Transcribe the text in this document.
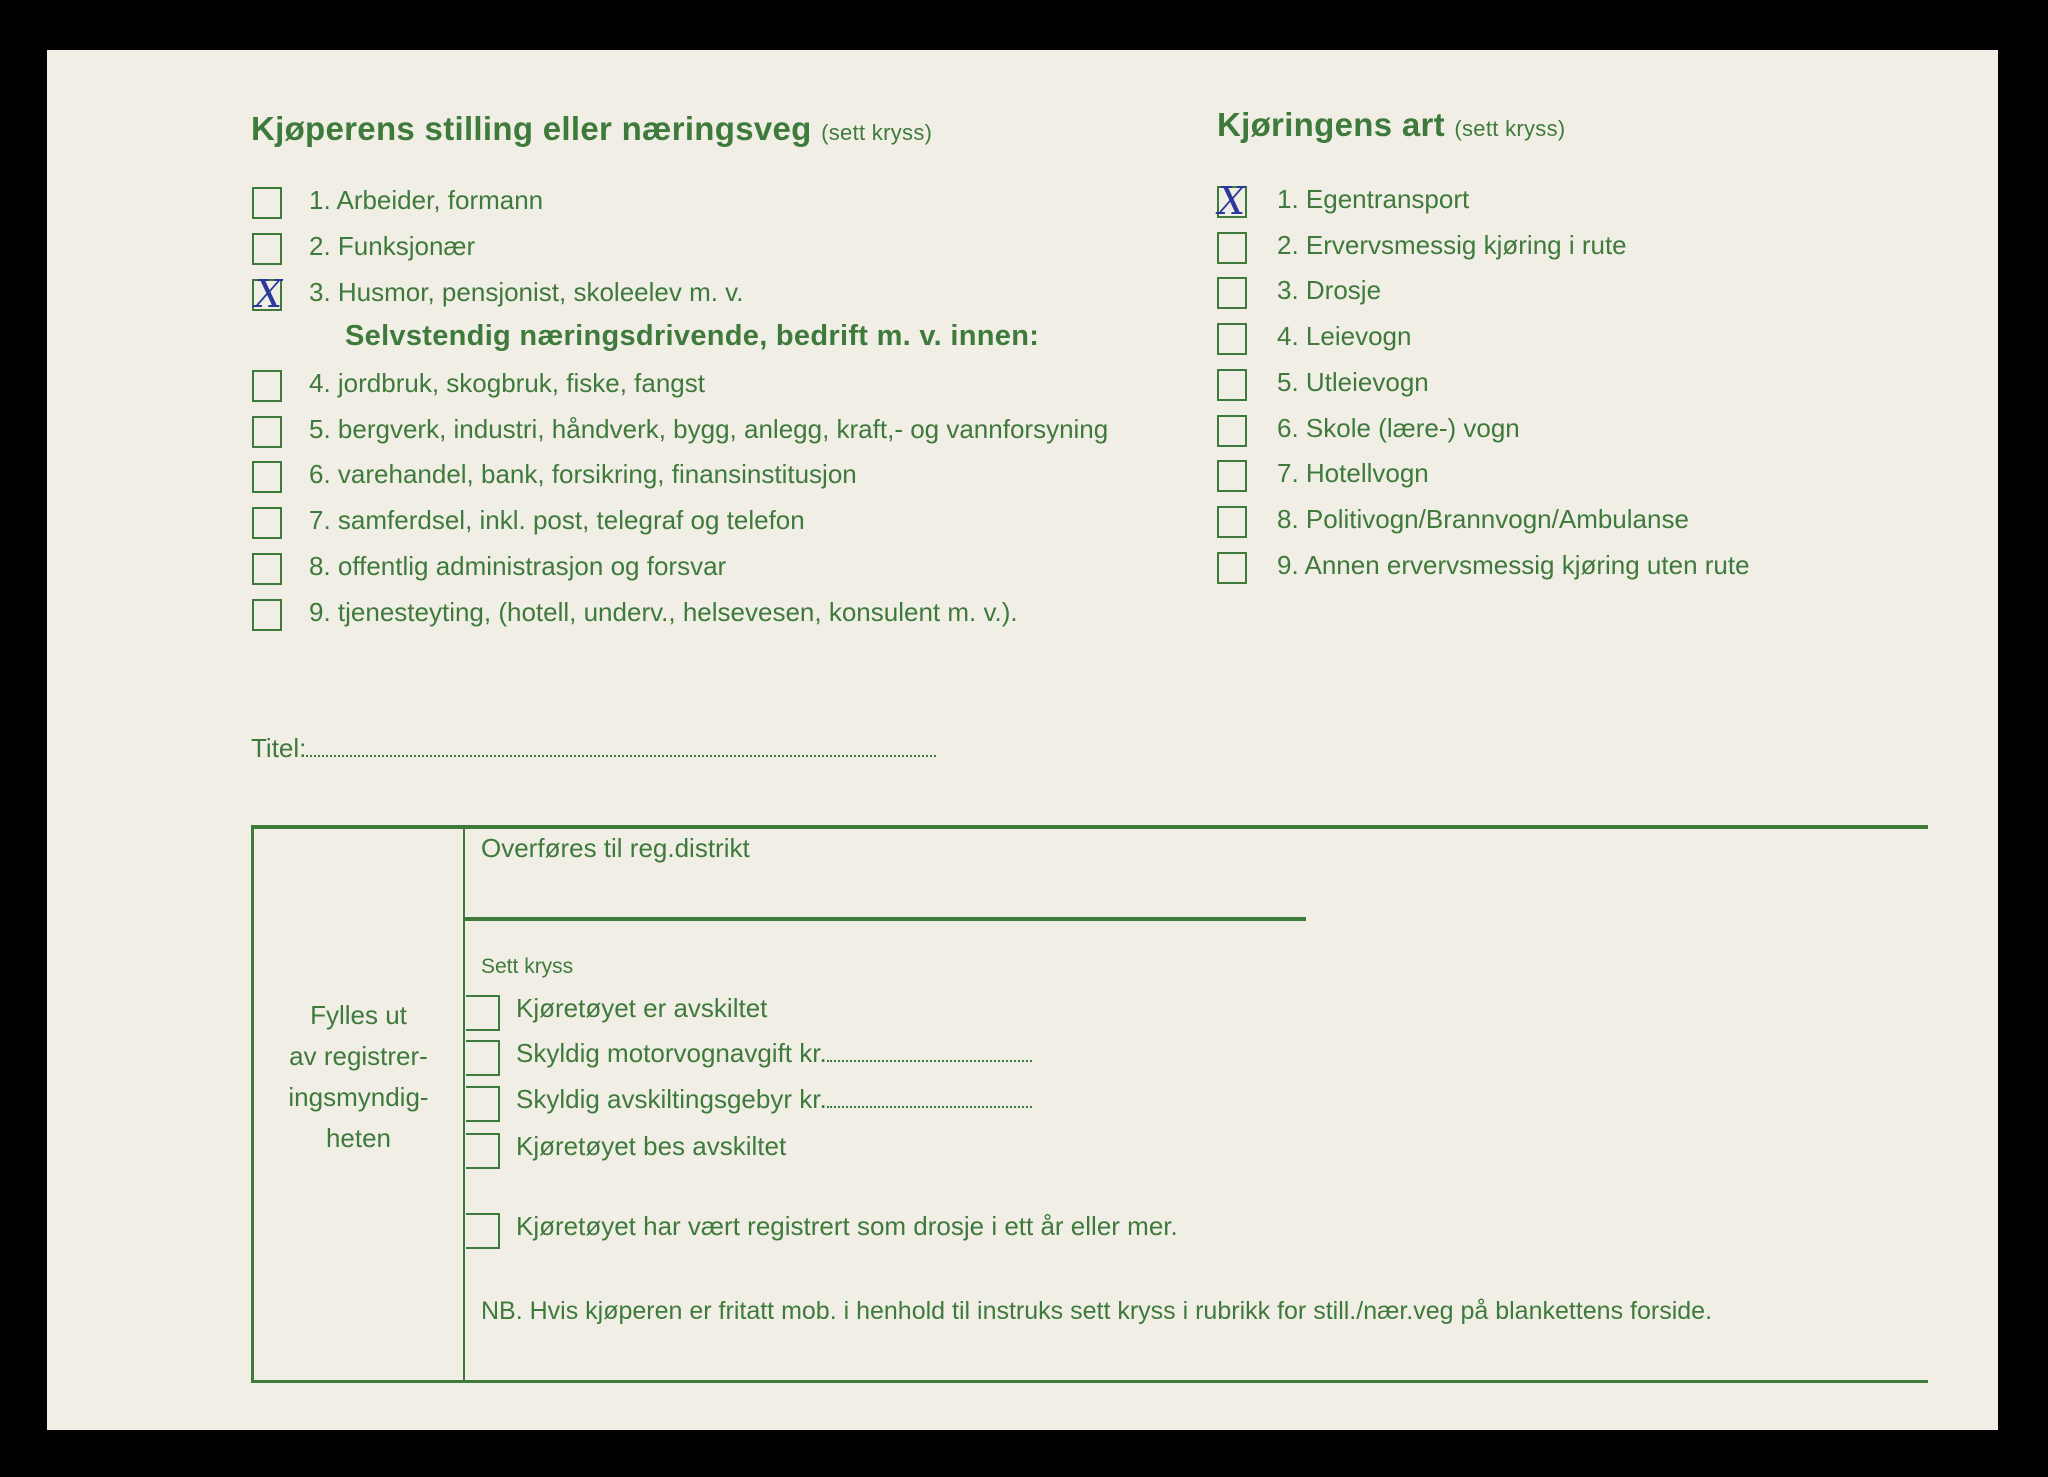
Kjøperens stilling eller næringsveg (sett kryss)
Selvstendig næringsdrivende, bedrift m. v. innen:
Titel:
Kjøringens art (sett kryss)
Overføres til reg.distrikt
Sett kryss
Fylles ut
av registrer-
ingsmyndig-
heten
NB. Hvis kjøperen er fritatt mob. i henhold til instruks sett kryss i rubrikk for still./nær.veg på blankettens forside.
1. Arbeider, formann
2. Funksjonær
X 3. Husmor, pensjonist, skoleelev m. v.
4. jordbruk, skogbruk, fiske, fangst
5. bergverk, industri, håndverk, bygg, anlegg, kraft,- og vannforsyning
6. varehandel, bank, forsikring, finansinstitusjon
7. samferdsel, inkl. post, telegraf og telefon
8. offentlig administrasjon og forsvar
9. tjenesteyting, (hotell, underv., helsevesen, konsulent m. v.).
X 1. Egentransport
2. Ervervsmessig kjøring i rute
3. Drosje
4. Leievogn
5. Utleievogn
6. Skole (lære-) vogn
7. Hotellvogn
8. Politivogn/Brannvogn/Ambulanse
9. Annen ervervsmessig kjøring uten rute
Kjøretøyet er avskiltet
Skyldig motorvognavgift kr.
Skyldig avskiltingsgebyr kr.
Kjøretøyet bes avskiltet
Kjøretøyet har vært registrert som drosje i ett år eller mer.
